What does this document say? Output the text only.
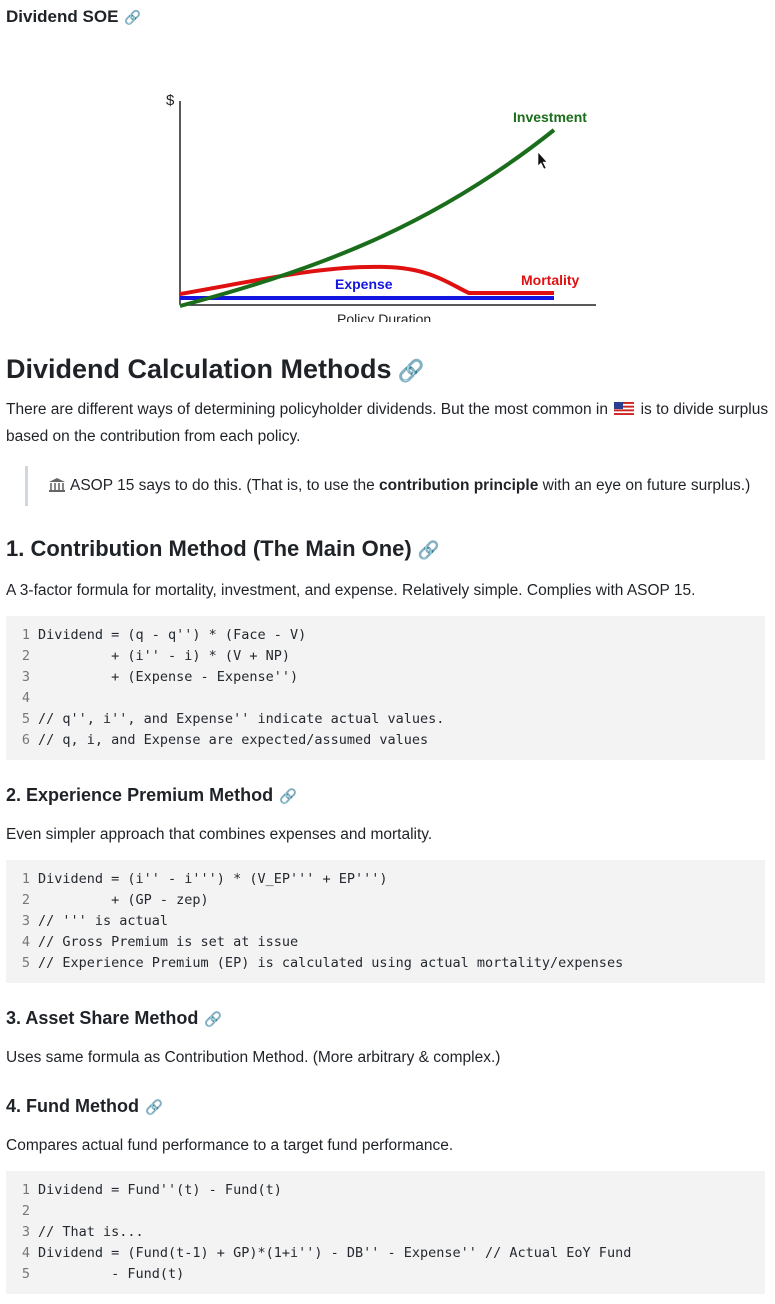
Dividend SOE 🔗
$
Policy Duration
Investment
Expense	Mortality
Dividend Calculation Methods 🔗

There are different ways of determining policyholder dividends. But the most common in is to divide surplus based on the contribution from each policy.

ASOP 15 says to do this. (That is, to use the contribution principle with an eye on future surplus.)
1. Contribution Method (The Main One) 🔗

A 3-factor formula for mortality, investment, and expense. Relatively simple. Complies with ASOP 15.

1 Dividend = (q - q'') * (Face - V)
2 + (i'' - i) * (V + NP)
3 + (Expense - Expense'')
4
5 // q'', i'', and Expense'' indicate actual values.
6 // q, i, and Expense are expected/assumed values
2. Experience Premium Method 🔗

Even simpler approach that combines expenses and mortality.

1 Dividend = (i'' - i''') * (V_EP''' + EP''')
2 + (GP - zep)
3 // ''' is actual
4 // Gross Premium is set at issue
5 // Experience Premium (EP) is calculated using actual mortality/expenses
3. Asset Share Method 🔗

Uses same formula as Contribution Method. (More arbitrary & complex.)

4. Fund Method 🔗

Compares actual fund performance to a target fund performance.

1 Dividend = Fund''(t) - Fund(t)
2
3 // That is...
4 Dividend = (Fund(t-1) + GP)*(1+i'') - DB'' - Expense'' // Actual EoY Fund
5 - Fund(t)
